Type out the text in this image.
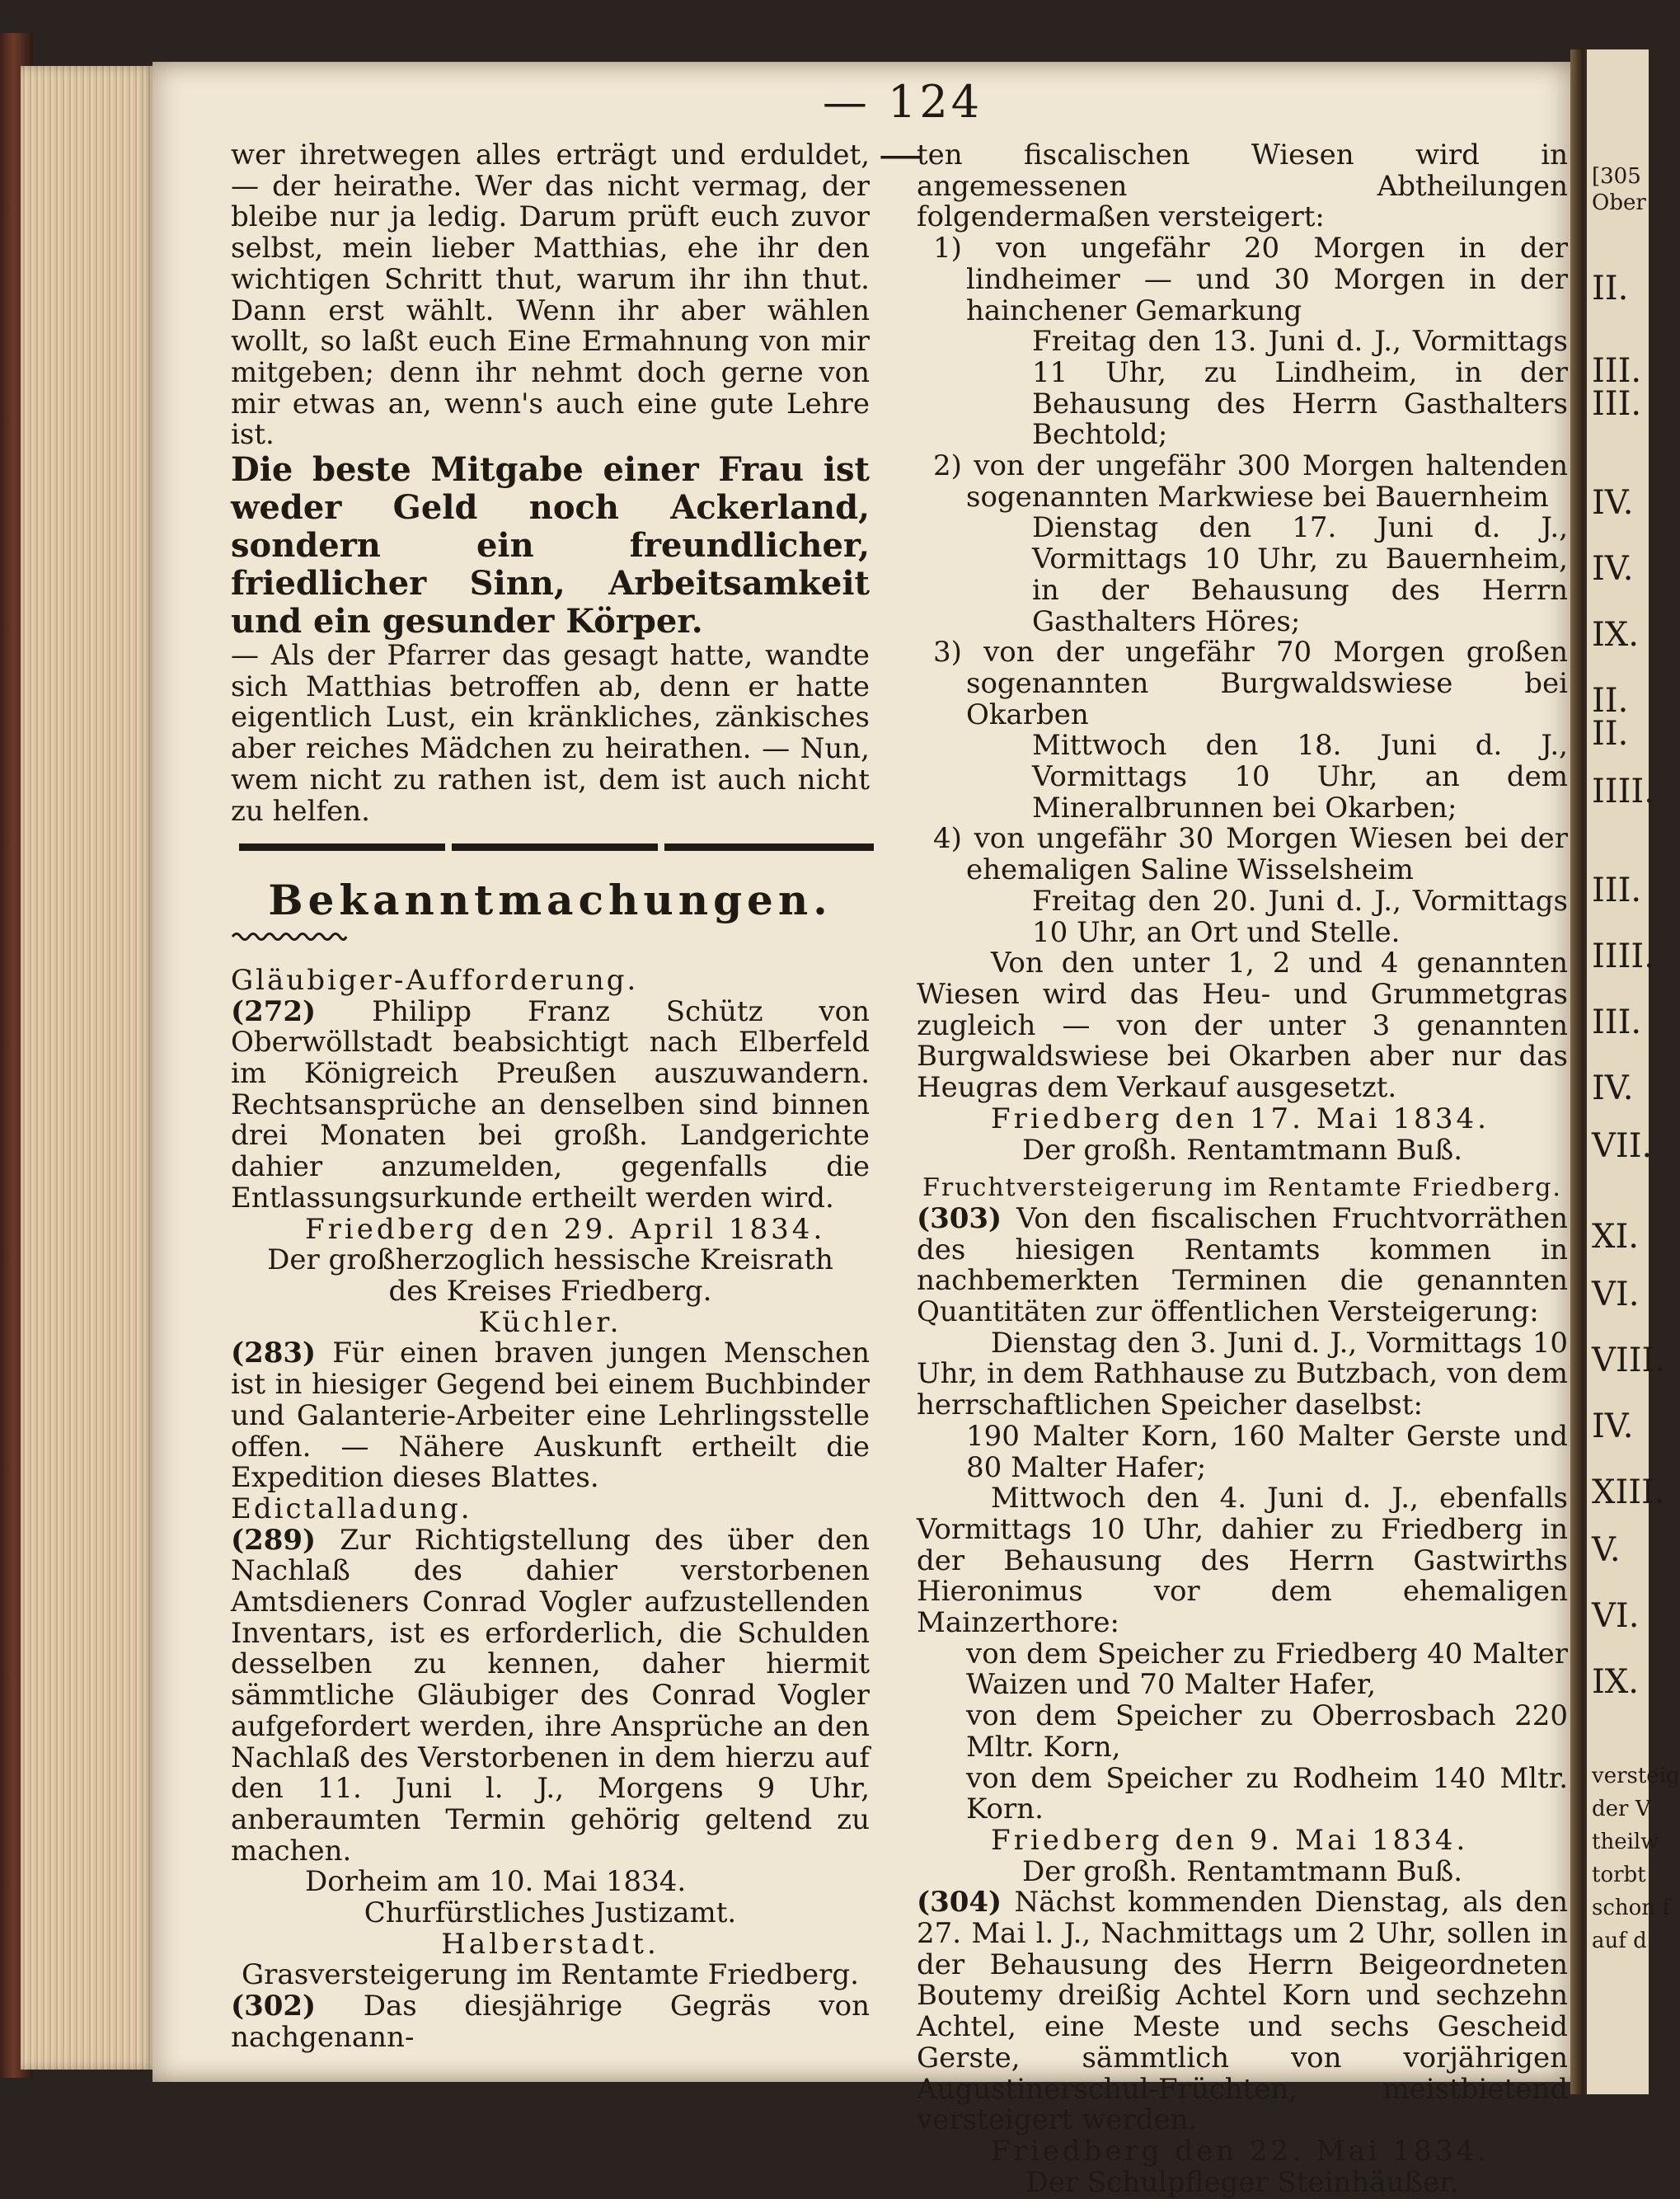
[305
Ober
II.
III.
III.
IV.
IV.
IX.
II.
II.
IIII.
III.
IIII.
III.
IV.
VII.
XI.
VI.
VIII.
IV.
XIII.
V.
VI.
IX.
versteig
der V
theilw
torbt
schon f
auf d
— 124 —

wer ihretwegen alles erträgt und erduldet, — der heirathe. Wer das nicht vermag, der bleibe nur ja ledig. Darum prüft euch zuvor selbst, mein lieber Matthias, ehe ihr den wichtigen Schritt thut, warum ihr ihn thut. Dann erst wählt. Wenn ihr aber wählen wollt, so laßt euch Eine Ermahnung von mir mitgeben; denn ihr nehmt doch gerne von mir etwas an, wenn's auch eine gute Lehre ist.

Die beste Mitgabe einer Frau ist weder Geld noch Ackerland, sondern ein freundlicher, friedlicher Sinn, Arbeitsamkeit und ein gesunder Körper.

— Als der Pfarrer das gesagt hatte, wandte sich Matthias betroffen ab, denn er hatte eigentlich Lust, ein kränkliches, zänkisches aber reiches Mädchen zu heirathen. — Nun, wem nicht zu rathen ist, dem ist auch nicht zu helfen.

Bekanntmachungen.

Gläubiger-Aufforderung.

(272) Philipp Franz Schütz von Oberwöllstadt beabsichtigt nach Elberfeld im Königreich Preußen auszuwandern. Rechtsansprüche an denselben sind binnen drei Monaten bei großh. Landgerichte dahier anzumelden, gegenfalls die Entlassungsurkunde ertheilt werden wird.

Friedberg den 29. April 1834.

Der großherzoglich hessische Kreisrath

des Kreises Friedberg.

Küchler.

(283) Für einen braven jungen Menschen ist in hiesiger Gegend bei einem Buchbinder und Galanterie-Arbeiter eine Lehrlingsstelle offen. — Nähere Auskunft ertheilt die Expedition dieses Blattes.

Edictalladung.

(289) Zur Richtigstellung des über den Nachlaß des dahier verstorbenen Amtsdieners Conrad Vogler aufzustellenden Inventars, ist es erforderlich, die Schulden desselben zu kennen, daher hiermit sämmtliche Gläubiger des Conrad Vogler aufgefordert werden, ihre Ansprüche an den Nachlaß des Verstorbenen in dem hierzu auf den 11. Juni l. J., Morgens 9 Uhr, anberaumten Termin gehörig geltend zu machen.

Dorheim am 10. Mai 1834.

Churfürstliches Justizamt.

Halberstadt.

Grasversteigerung im Rentamte Friedberg.

(302) Das diesjährige Gegräs von nachgenann-

ten fiscalischen Wiesen wird in angemessenen Abtheilungen folgendermaßen versteigert:

1) von ungefähr 20 Morgen in der lindheimer — und 30 Morgen in der hainchener Gemarkung

Freitag den 13. Juni d. J., Vormittags 11 Uhr, zu Lindheim, in der Behausung des Herrn Gasthalters Bechtold;

2) von der ungefähr 300 Morgen haltenden sogenannten Markwiese bei Bauernheim

Dienstag den 17. Juni d. J., Vormittags 10 Uhr, zu Bauernheim, in der Behausung des Herrn Gasthalters Höres;

3) von der ungefähr 70 Morgen großen sogenannten Burgwaldswiese bei Okarben

Mittwoch den 18. Juni d. J., Vormittags 10 Uhr, an dem Mineralbrunnen bei Okarben;

4) von ungefähr 30 Morgen Wiesen bei der ehemaligen Saline Wisselsheim

Freitag den 20. Juni d. J., Vormittags 10 Uhr, an Ort und Stelle.

Von den unter 1, 2 und 4 genannten Wiesen wird das Heu- und Grummetgras zugleich — von der unter 3 genannten Burgwaldswiese bei Okarben aber nur das Heugras dem Verkauf ausgesetzt.

Friedberg den 17. Mai 1834.

Der großh. Rentamtmann Buß.

Fruchtversteigerung im Rentamte Friedberg.

(303) Von den fiscalischen Fruchtvorräthen des hiesigen Rentamts kommen in nachbemerkten Terminen die genannten Quantitäten zur öffentlichen Versteigerung:

Dienstag den 3. Juni d. J., Vormittags 10 Uhr, in dem Rathhause zu Butzbach, von dem herrschaftlichen Speicher daselbst:

190 Malter Korn, 160 Malter Gerste und 80 Malter Hafer;

Mittwoch den 4. Juni d. J., ebenfalls Vormittags 10 Uhr, dahier zu Friedberg in der Behausung des Herrn Gastwirths Hieronimus vor dem ehemaligen Mainzerthore:

von dem Speicher zu Friedberg 40 Malter Waizen und 70 Malter Hafer,

von dem Speicher zu Oberrosbach 220 Mltr. Korn,

von dem Speicher zu Rodheim 140 Mltr. Korn.

Friedberg den 9. Mai 1834.

Der großh. Rentamtmann Buß.

(304) Nächst kommenden Dienstag, als den 27. Mai l. J., Nachmittags um 2 Uhr, sollen in der Behausung des Herrn Beigeordneten Boutemy dreißig Achtel Korn und sechzehn Achtel, eine Meste und sechs Gescheid Gerste, sämmtlich von vorjährigen Augustinerschul-Früchten, meistbietend versteigert werden.

Friedberg den 22. Mai 1834.

Der Schulpfleger Steinhäußer.
